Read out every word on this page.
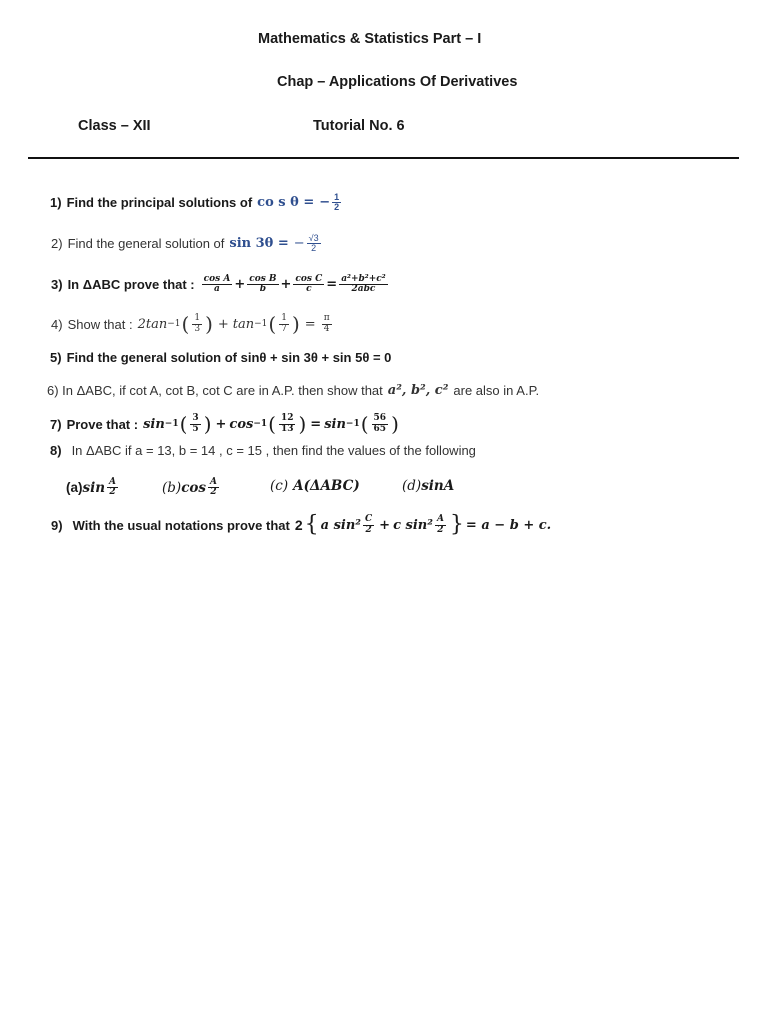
Mathematics & Statistics Part – I
Chap – Applications Of Derivatives
Class – XII	Tutorial No. 6
1) Find the principal solutions of co s θ = − $\frac{1}{2}$
2) Find the general solution of sin 3θ = − $\frac{√3}{2}$
3) In ΔABC prove that : $\frac{\text{cos A}}{a} + \frac{\text{cos B}}{b} + \frac{\text{cos C}}{c} = \frac{\text{a²+b²+c²}}{\text{2abc}}$
4) Show that : 2tan −1 ( $\frac{1}{3}$ ) + tan −1 ( $\frac{1}{7}$ ) = $\frac{\pi}{4}$
5) Find the general solution of sinθ + sin 3θ + sin 5θ = 0
6) In ΔABC, if cot A, cot B, cot C are in A.P. then show that a², b², c² are also in A.P.
7) Prove that : sin −1 ( $\frac{3}{5}$ ) + cos −1 ( $\frac{12}{13}$ ) = sin −1 ( $\frac{56}{65}$ )
8) In ΔABC if a = 13, b = 14 , c = 15 , then find the values of the following
(a) $\sin \frac{A}{2}$	(b) $\cos \frac{A}{2}$	(c) A(ΔABC)	(d) sinA
9) With the usual notations prove that 2 { a $\sin^2 \frac{C}{2} + c$ $\sin^2 \frac{A}{2}$ } = a − b + c.
